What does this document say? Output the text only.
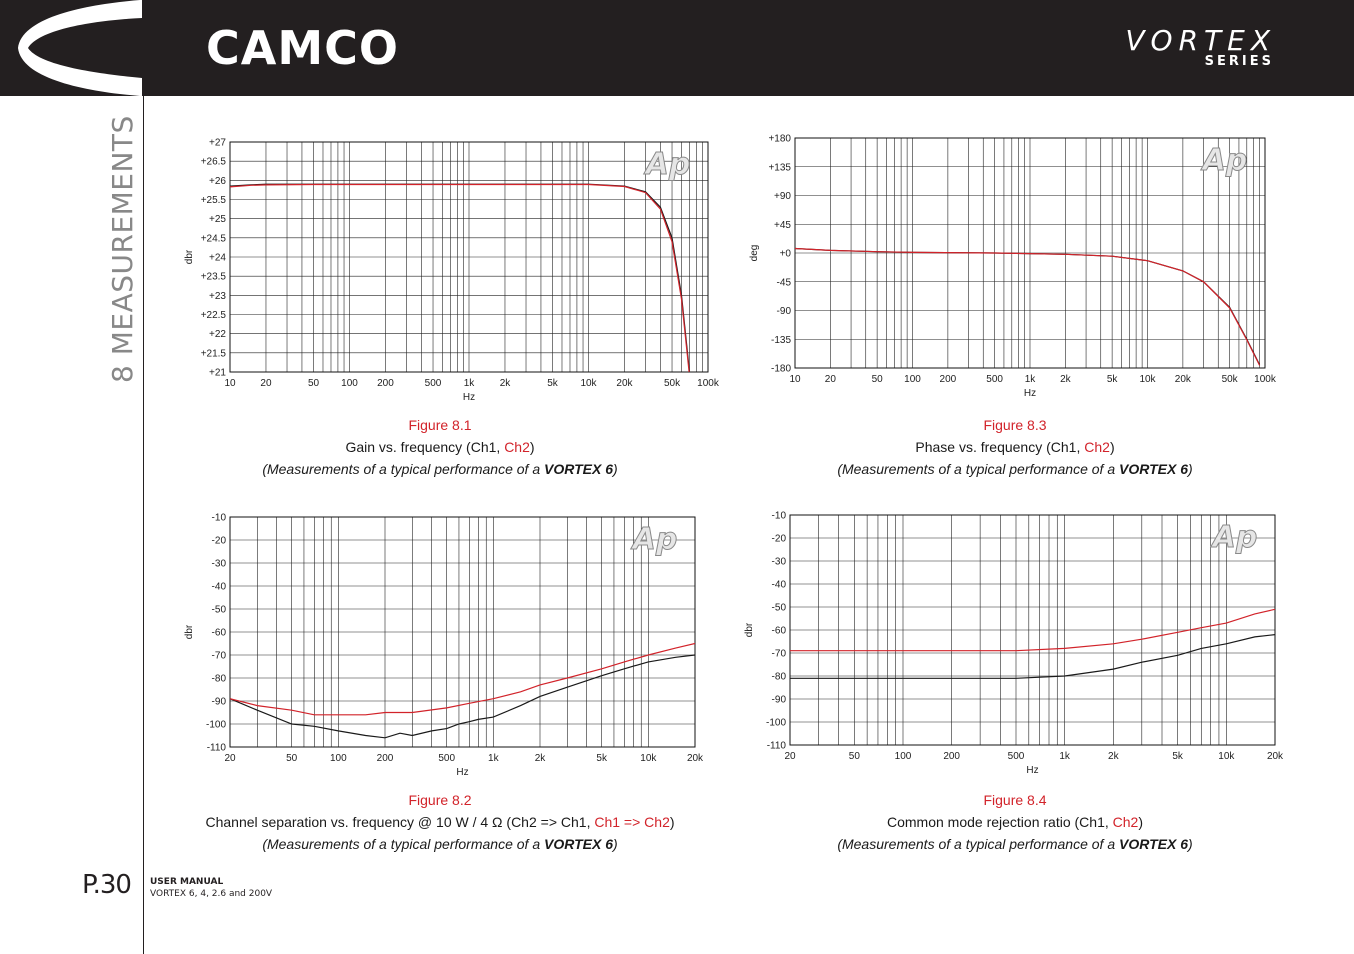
CAMCO	VORTEX
SERIES
8 MEASUREMENTS	+21
+21.5
+22
+22.5
+23
+23.5
+24
+24.5
+25
+25.5
+26
+26.5
+27
10 20	50 100 200	500 1k	2k	5k 10k 20k	50k 100k
Hz
dbr
Ap
-180
-135
-90
-45
+0
+45
+90
+135
+180
10 20	50 100 200	500 1k 2k	5k 10k 20k	50k 100k
Hz
deg
Ap
-110
-100
-90
-80
-70
-60
-50
-40
-30
-20
-10
20	50	100	200	500	1k	2k	5k	10k	20k
Hz
dbr
Ap
-110
-100
-90
-80
-70
-60
-50
-40
-30
-20
-10
20	50	100	200	500	1k	2k	5k	10k	20k
Hz
dbr
Ap
Figure 8.1
Gain vs. frequency (Ch1, Ch2)
(Measurements of a typical performance of a VORTEX 6)
Figure 8.3
Phase vs. frequency (Ch1, Ch2)
(Measurements of a typical performance of a VORTEX 6)
Figure 8.2
Channel separation vs. frequency @ 10 W / 4 Ω (Ch2 => Ch1, Ch1 => Ch2)
(Measurements of a typical performance of a VORTEX 6)
Figure 8.4
Common mode rejection ratio (Ch1, Ch2)
(Measurements of a typical performance of a VORTEX 6)
P.30 USER MANUAL
VORTEX 6, 4, 2.6 and 200V
